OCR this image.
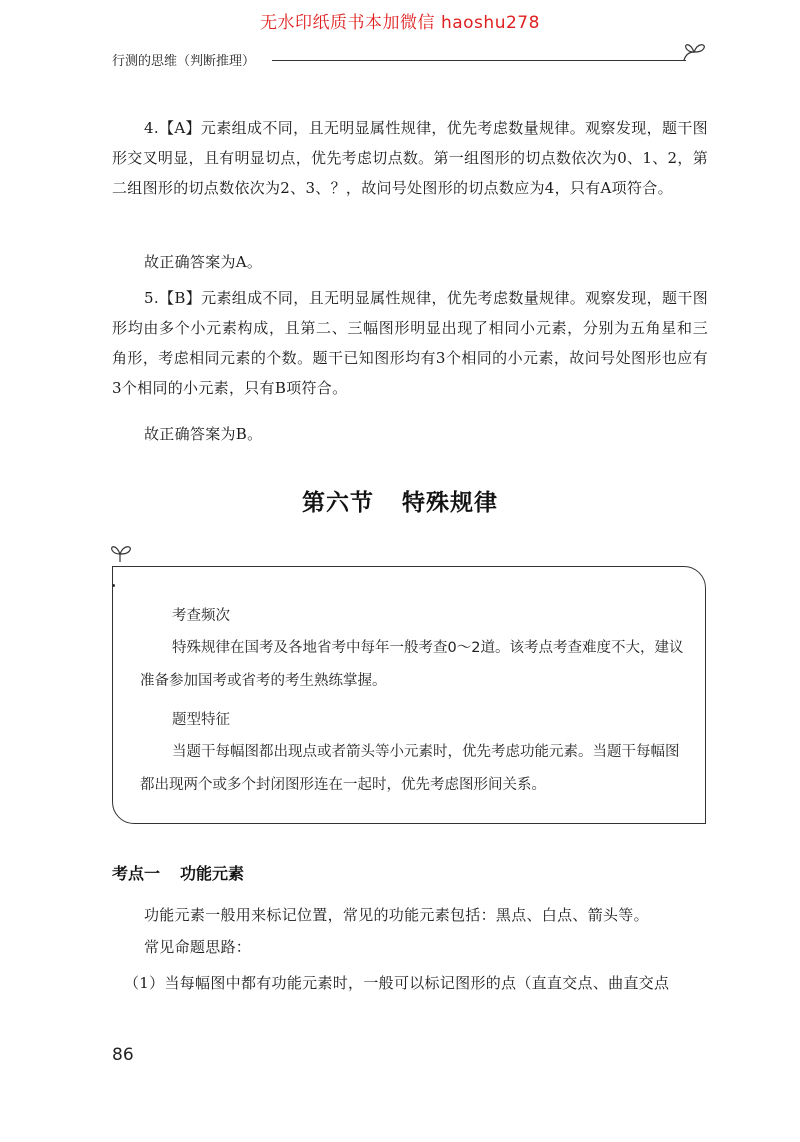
无水印纸质书本加微信 haoshu278
行测的思维（判断推理）

4.【A】元素组成不同，且无明显属性规律，优先考虑数量规律。观察发现，题干图形交叉明显，且有明显切点，优先考虑切点数。第一组图形的切点数依次为0、1、2，第二组图形的切点数依次为2、3、？，故问号处图形的切点数应为4，只有A项符合。

故正确答案为A。

5.【B】元素组成不同，且无明显属性规律，优先考虑数量规律。观察发现，题干图形均由多个小元素构成，且第二、三幅图形明显出现了相同小元素，分别为五角星和三角形，考虑相同元素的个数。题干已知图形均有3个相同的小元素，故问号处图形也应有3个相同的小元素，只有B项符合。

故正确答案为B。

第六节 特殊规律
考查频次

特殊规律在国考及各地省考中每年一般考查0～2道。该考点考查难度不大，建议准备参加国考或省考的考生熟练掌握。

题型特征

当题干每幅图都出现点或者箭头等小元素时，优先考虑功能元素。当题干每幅图都出现两个或多个封闭图形连在一起时，优先考虑图形间关系。

考点一 功能元素

功能元素一般用来标记位置，常见的功能元素包括：黑点、白点、箭头等。

常见命题思路：

（1）当每幅图中都有功能元素时，一般可以标记图形的点（直直交点、曲直交点

86
